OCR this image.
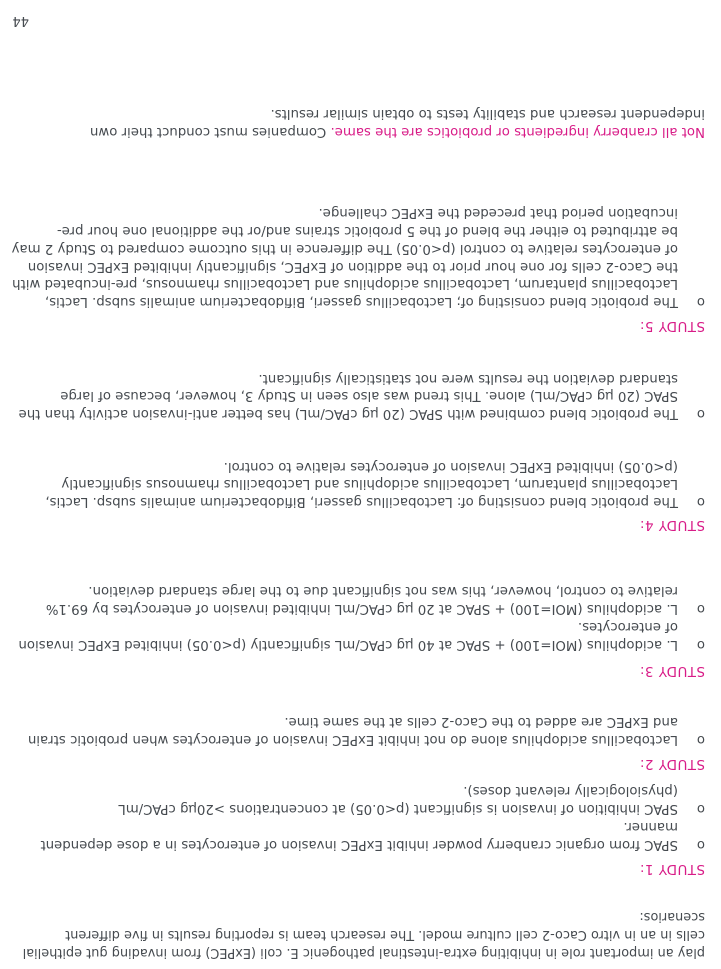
play an important role in inhibiting extra-intestinal pathogenic E. coli (ExPEC) from invading gut epithelial cells in an in vitro Caco-2 cell culture model. The research team is reporting results in five different scenarios:

STUDY 1:
o
SPAC from organic cranberry powder inhibit ExPEC invasion of enterocytes in a dose dependent manner.
o
SPAC inhibition of invasion is significant (p<0.05) at concentrations >20µg cPAC/mL (physiologically relevant doses).
STUDY 2:
o
Lactobacillus acidophilus alone do not inhibit ExPEC invasion of enterocytes when probiotic strain and ExPEC are added to the Caco-2 cells at the same time.
STUDY 3:
o
L. acidophilus (MOI=100) + SPAC at 40 µg cPAC/mL significantly (p<0.05) inhibited ExPEC invasion of enterocytes.
o
L. acidophilus (MOI=100) + SPAC at 20 µg cPAC/mL inhibited invasion of enterocytes by 69.1% relative to control, however, this was not significant due to the large standard deviation.
STUDY 4:
o
The probiotic blend consisting of: Lactobacillus gasseri, Bifidobacterium animalis subsp. Lactis, Lactobacillus plantarum, Lactobacillus acidophilus and Lactobacillus rhamnosus significantly (p<0.05) inhibited ExPEC invasion of enterocytes relative to control.
o
The probiotic blend combined with SPAC (20 µg cPAC/mL) has better anti-invasion activity than the SPAC (20 µg cPAC/mL) alone. This trend was also seen in Study 3, however, because of large standard deviation the results were not statistically significant.
STUDY 5:
o
The probiotic blend consisting of; Lactobacillus gasseri, Bifidobacterium animalis subsp. Lactis, Lactobacillus plantarum, Lactobacillus acidophilus and Lactobacillus rhamnosus, pre-incubated with the Caco-2 cells for one hour prior to the addition of ExPEC, significantly inhibited ExPEC invasion of enterocytes relative to control (p<0.05) The difference in this outcome compared to Study 2 may be attributed to either the blend of the 5 probiotic strains and/or the additional one hour pre-incubation period that preceded the ExPEC challenge.

Not all cranberry ingredients or probiotics are the same. Companies must conduct their own independent research and stability tests to obtain similar results.

44
